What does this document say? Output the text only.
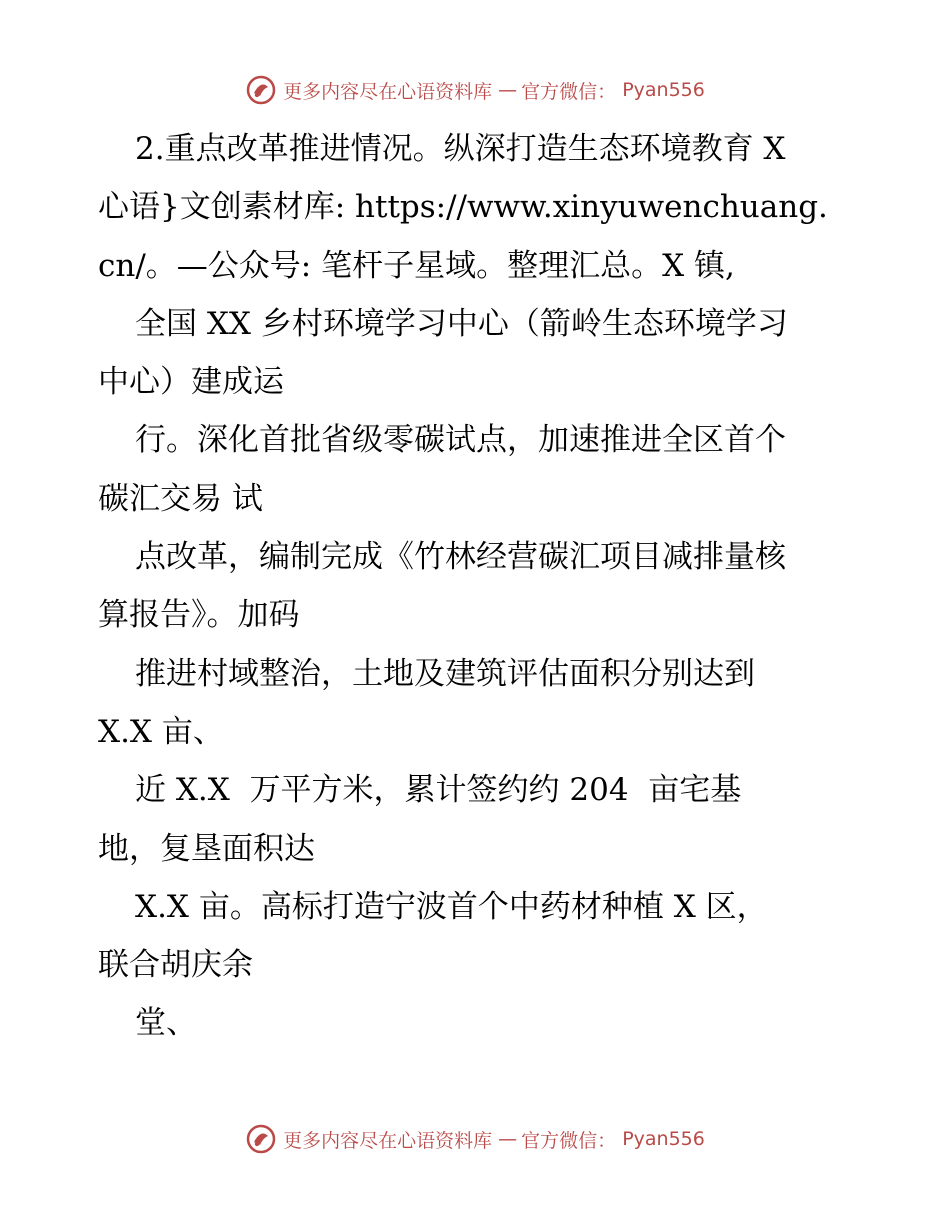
更多内容尽在心语资料库 — 官方微信： Pyan556
2.重点改革推进情况。纵深打造生态环境教育 X
心语}文创素材库: https://www.xinyuwenchuang.
cn/。—公众号: 笔杆子星域。整理汇总。X 镇,
全国 XX 乡村环境学习中心（箭岭生态环境学习
中心）建成运
行。深化首批省级零碳试点，加速推进全区首个
碳汇交易 试
点改革，编制完成《竹林经营碳汇项目减排量核
算报告》。加码
推进村域整治，土地及建筑评估面积分别达到
X.X 亩、
近 X.X  万平方米，累计签约约 204  亩宅基
地，复垦面积达
X.X 亩。高标打造宁波首个中药材种植 X 区，
联合胡庆余
堂、
更多内容尽在心语资料库 — 官方微信： Pyan556
